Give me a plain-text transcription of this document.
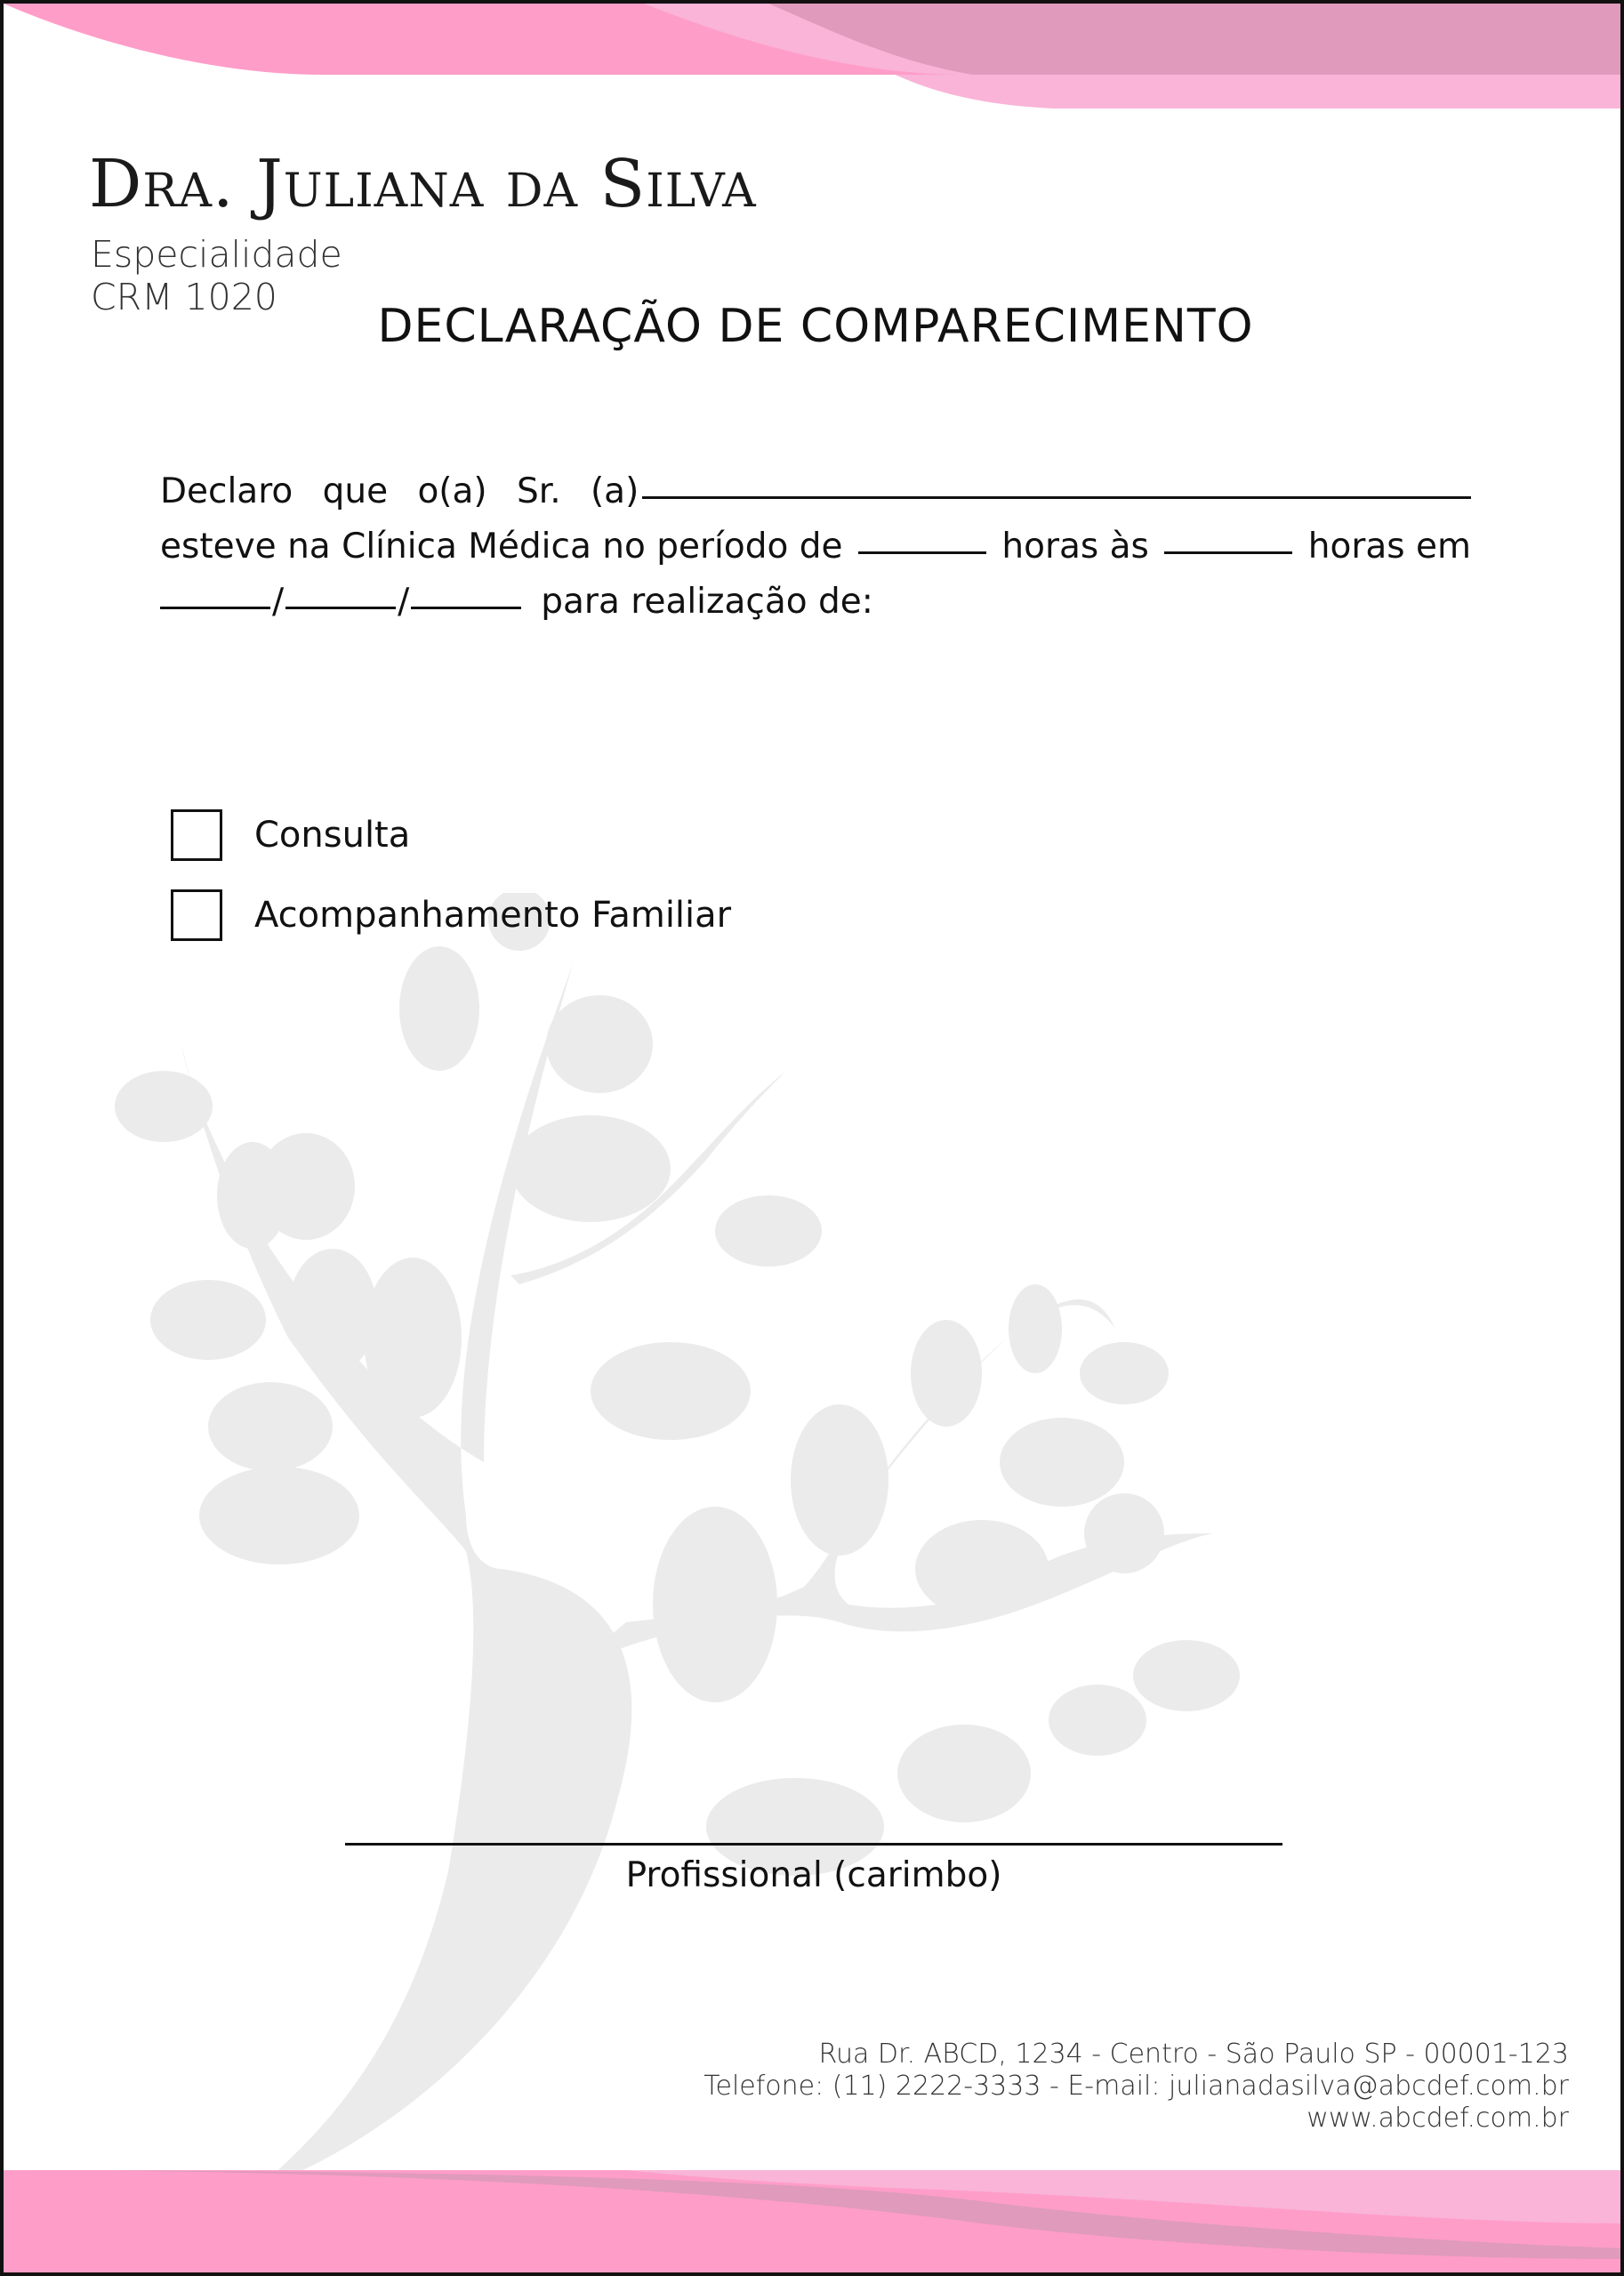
Dra. Juliana da Silva
Especialidade
CRM 1020
DECLARAÇÃO DE COMPARECIMENTO
Declaro que o(a) Sr. (a)
esteve na Clínica Médica no período de	horas às	horas em
/	/	para realização de:
Consulta
Acompanhamento Familiar
Profissional (carimbo)
Rua Dr. ABCD, 1234 - Centro - São Paulo SP - 00001-123
Telefone: (11) 2222-3333 - E-mail: julianadasilva@abcdef.com.br
www.abcdef.com.br
